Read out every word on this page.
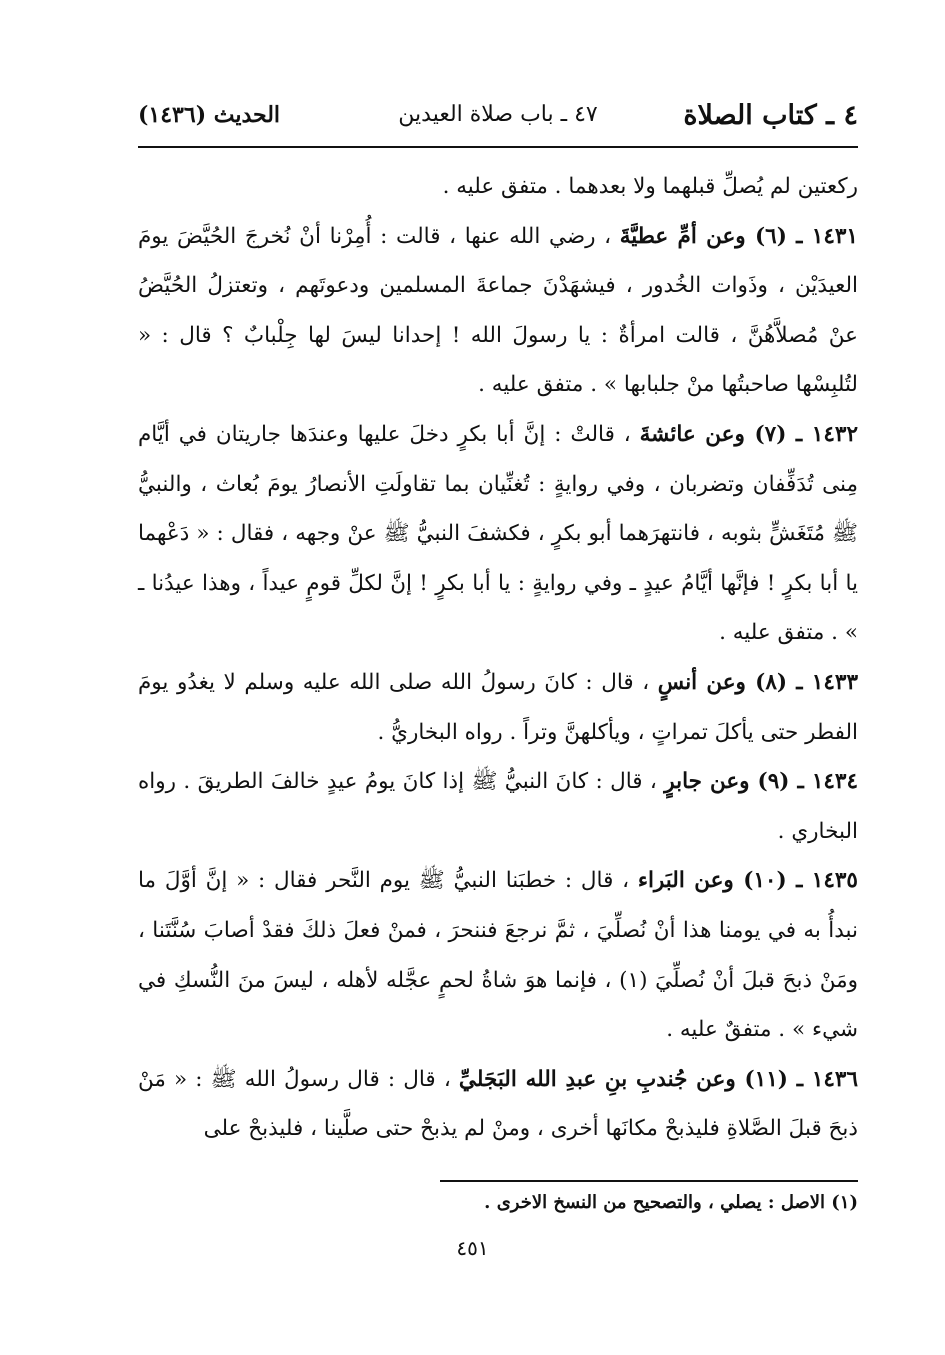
٤ ـ كتاب الصلاة
٤٧ ـ باب صلاة العيدين
الحديث (١٤٣٦)

ركعتين لم يُصلِّ قبلهما ولا بعدهما . متفق عليه .

١٤٣١ ـ (٦) وعن أمِّ عطيَّةَ ، رضي الله عنها ، قالت : أُمِرْنا أنْ نُخرجَ الحُيَّضَ يومَ العيدَيْن ، وذَوات الخُدور ، فيشهَدْنَ جماعةَ المسلمين ودعوتَهم ، وتعتزلُ الحُيَّضُ عنْ مُصلاَّهُنَّ ، قالت امرأةٌ : يا رسولَ الله ! إحدانا ليسَ لها جِلْبابٌ ؟ قال : « لتُلبِسْها صاحبتُها منْ جلبابها » . متفق عليه .

١٤٣٢ ـ (٧) وعن عائشةَ ، قالتْ : إنَّ أبا بكرٍ دخلَ عليها وعندَها جاريتان في أيَّام مِنى تُدَفِّفان وتضربان ، وفي روايةٍ : تُغنِّيان بما تقاولَتِ الأنصارُ يومَ بُعاث ، والنبيُّ ﷺ مُتَغَشٍّ بثوبه ، فانتهرَهما أبو بكرٍ ، فكشفَ النبيُّ ﷺ عنْ وجهه ، فقال : « دَعْهما يا أبا بكرٍ ! فإنَّها أيَّامُ عيدٍ ـ وفي روايةٍ : يا أبا بكرٍ ! إنَّ لكلِّ قومٍ عيداً ، وهذا عيدُنا ـ » . متفق عليه .

١٤٣٣ ـ (٨) وعن أنسٍ ، قال : كانَ رسولُ الله صلى الله عليه وسلم لا يغدُو يومَ الفطر حتى يأكلَ تمراتٍ ، ويأكلهنَّ وتراً . رواه البخاريُّ .

١٤٣٤ ـ (٩) وعن جابرٍ ، قال : كانَ النبيُّ ﷺ إذا كانَ يومُ عيدٍ خالفَ الطريقَ . رواه البخاري .

١٤٣٥ ـ (١٠) وعن البَراء ، قال : خطبَنا النبيُّ ﷺ يوم النَّحر فقال : « إنَّ أوَّلَ ما نبدأُ به في يومنا هذا أنْ نُصلِّيَ ، ثمَّ نرجعَ فننحرَ ، فمنْ فعلَ ذلكَ فقدْ أصابَ سُنَّتَنا ، ومَنْ ذبحَ قبلَ أنْ نُصلِّيَ (١) ، فإنما هوَ شاةُ لحمٍ عجَّله لأهله ، ليسَ منَ النُّسكِ في شيء » . متفقٌ عليه .

١٤٣٦ ـ (١١) وعن جُندبِ بنِ عبدِ الله البَجَليِّ ، قال : قال رسولُ الله ﷺ : « مَنْ ذبحَ قبلَ الصَّلاةِ فليذبحْ مكانَها أخرى ، ومنْ لم يذبحْ حتى صلَّينا ، فليذبحْ على

(١) الاصل : يصلي ، والتصحيح من النسخ الاخرى .
٤٥١
